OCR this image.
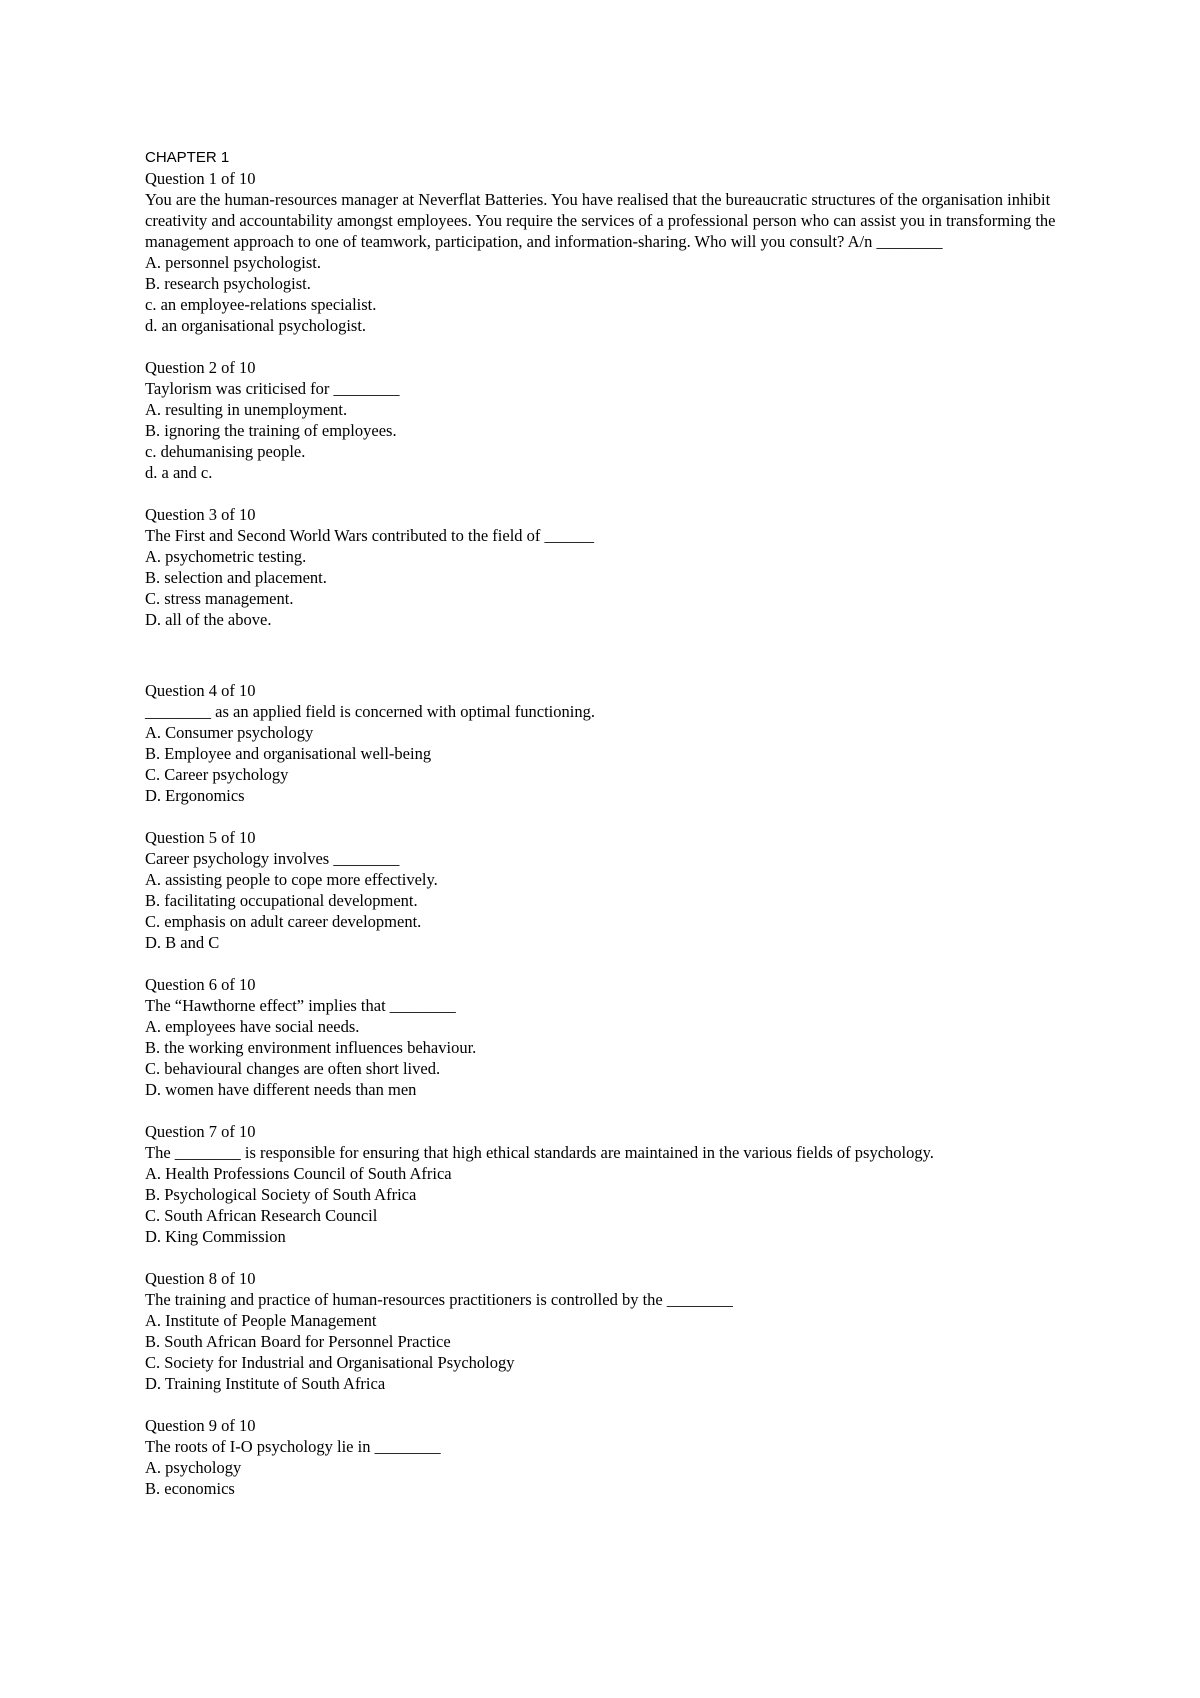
CHAPTER 1
Question 1 of 10
You are the human-resources manager at Neverflat Batteries. You have realised that the bureaucratic structures of the organisation inhibit creativity and accountability amongst employees. You require the services of a professional person who can assist you in transforming the management approach to one of teamwork, participation, and information-sharing. Who will you consult? A/n ________
A. personnel psychologist.
B. research psychologist.
c. an employee-relations specialist.
d. an organisational psychologist.
Question 2 of 10
Taylorism was criticised for ________
A. resulting in unemployment.
B. ignoring the training of employees.
c. dehumanising people.
d. a and c.
Question 3 of 10
The First and Second World Wars contributed to the field of ______
A. psychometric testing.
B. selection and placement.
C. stress management.
D. all of the above.
Question 4 of 10
________ as an applied field is concerned with optimal functioning.
A. Consumer psychology
B. Employee and organisational well-being
C. Career psychology
D. Ergonomics
Question 5 of 10
Career psychology involves ________
A. assisting people to cope more effectively.
B. facilitating occupational development.
C. emphasis on adult career development.
D. B and C
Question 6 of 10
The “Hawthorne effect” implies that ________
A. employees have social needs.
B. the working environment influences behaviour.
C. behavioural changes are often short lived.
D. women have different needs than men
Question 7 of 10
The ________ is responsible for ensuring that high ethical standards are maintained in the various fields of psychology.
A. Health Professions Council of South Africa
B. Psychological Society of South Africa
C. South African Research Council
D. King Commission
Question 8 of 10
The training and practice of human-resources practitioners is controlled by the ________
A. Institute of People Management
B. South African Board for Personnel Practice
C. Society for Industrial and Organisational Psychology
D. Training Institute of South Africa
Question 9 of 10
The roots of I-O psychology lie in ________
A. psychology
B. economics
